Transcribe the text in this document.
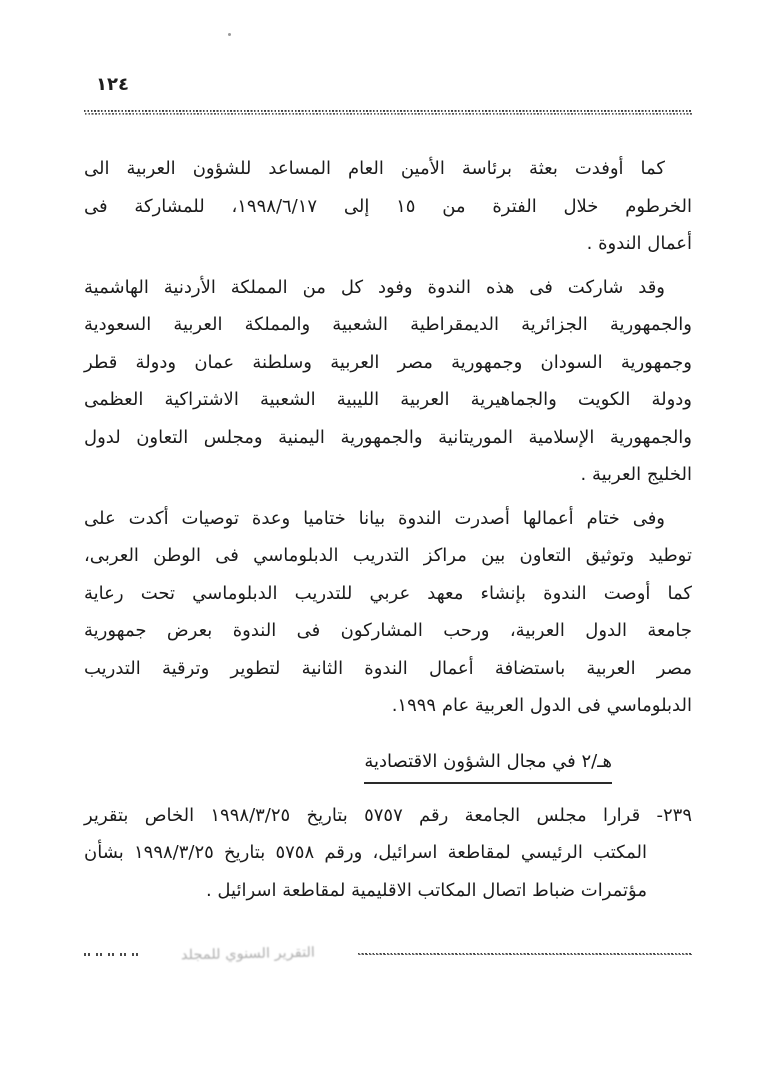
١٢٤
كما أوفدت بعثة برئاسة الأمين العام المساعد للشؤون العربية الى
الخرطوم خلال الفترة من ١٥ إلى ١٩٩٨/٦/١٧، للمشاركة فى
أعمال الندوة .
وقد شاركت فى هذه الندوة وفود كل من المملكة الأردنية الهاشمية
والجمهورية الجزائرية الديمقراطية الشعبية والمملكة العربية السعودية
وجمهورية السودان وجمهورية مصر العربية وسلطنة عمان ودولة قطر
ودولة الكويت والجماهيرية العربية الليبية الشعبية الاشتراكية العظمى
والجمهورية الإسلامية الموريتانية والجمهورية اليمنية ومجلس التعاون لدول
الخليج العربية .
وفى ختام أعمالها أصدرت الندوة بيانا ختاميا وعدة توصيات أكدت على
توطيد وتوثيق التعاون بين مراكز التدريب الدبلوماسي فى الوطن العربى،
كما أوصت الندوة بإنشاء معهد عربي للتدريب الدبلوماسي تحت رعاية
جامعة الدول العربية، ورحب المشاركون فى الندوة بعرض جمهورية
مصر العربية باستضافة أعمال الندوة الثانية لتطوير وترقية التدريب
الدبلوماسي فى الدول العربية عام ١٩٩٩.
هـ/٢ في مجال الشؤون الاقتصادية
٢٣٩- قرارا مجلس الجامعة رقم ٥٧٥٧ بتاريخ ١٩٩٨/٣/٢٥ الخاص بتقرير
المكتب الرئيسي لمقاطعة اسرائيل، ورقم ٥٧٥٨ بتاريخ ١٩٩٨/٣/٢٥ بشأن
مؤتمرات ضباط اتصال المكاتب الاقليمية لمقاطعة اسرائيل .
التقرير السنوي للمجلد
